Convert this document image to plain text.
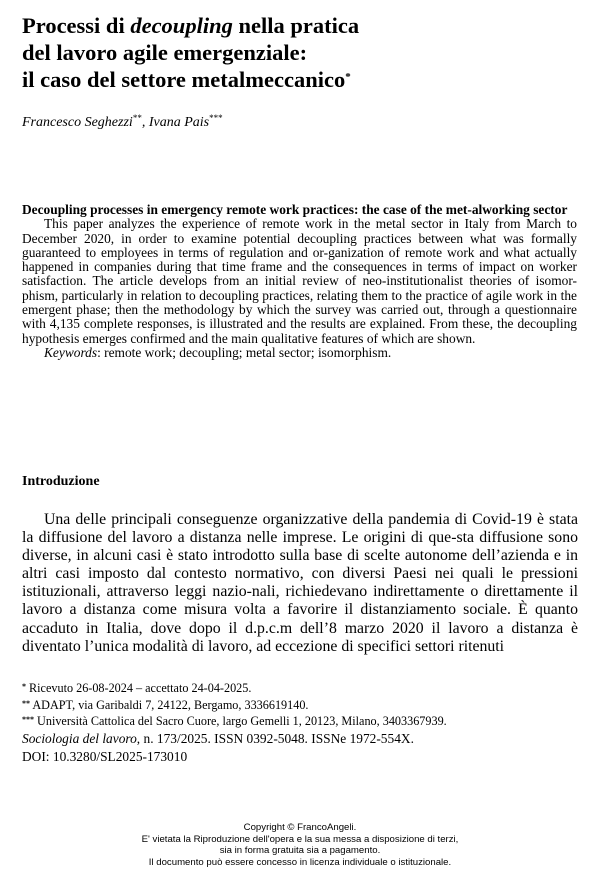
Processi di decoupling nella pratica
del lavoro agile emergenziale:
il caso del settore metalmeccanico*
Francesco Seghezzi**, Ivana Pais***

Decoupling processes in emergency remote work practices: the case of the met-alworking sector

This paper analyzes the experience of remote work in the metal sector in Italy from March to December 2020, in order to examine potential decoupling practices between what was formally guaranteed to employees in terms of regulation and or-ganization of remote work and what actually happened in companies during that time frame and the consequences in terms of impact on worker satisfaction. The article develops from an initial review of neo-institutionalist theories of isomor-phism, particularly in relation to decoupling practices, relating them to the practice of agile work in the emergent phase; then the methodology by which the survey was carried out, through a questionnaire with 4,135 complete responses, is illustrated and the results are explained. From these, the decoupling hypothesis emerges confirmed and the main qualitative features of which are shown.

Keywords: remote work; decoupling; metal sector; isomorphism.

Introduzione

Una delle principali conseguenze organizzative della pandemia di Covid-19 è stata la diffusione del lavoro a distanza nelle imprese. Le origini di que-sta diffusione sono diverse, in alcuni casi è stato introdotto sulla base di scelte autonome dell’azienda e in altri casi imposto dal contesto normativo, con diversi Paesi nei quali le pressioni istituzionali, attraverso leggi nazio-nali, richiedevano indirettamente o direttamente il lavoro a distanza come misura volta a favorire il distanziamento sociale. È quanto accaduto in Italia, dove dopo il d.p.c.m dell’8 marzo 2020 il lavoro a distanza è diventato l’unica modalità di lavoro, ad eccezione di specifici settori ritenuti

* Ricevuto 26-08-2024 – accettato 24-04-2025.
** ADAPT, via Garibaldi 7, 24122, Bergamo, 3336619140.
*** Università Cattolica del Sacro Cuore, largo Gemelli 1, 20123, Milano, 3403367939.
Sociologia del lavoro, n. 173/2025. ISSN 0392-5048. ISSNe 1972-554X.
DOI: 10.3280/SL2025-173010
Copyright © FrancoAngeli.
E' vietata la Riproduzione dell'opera e la sua messa a disposizione di terzi,
sia in forma gratuita sia a pagamento.
Il documento può essere concesso in licenza individuale o istituzionale.
